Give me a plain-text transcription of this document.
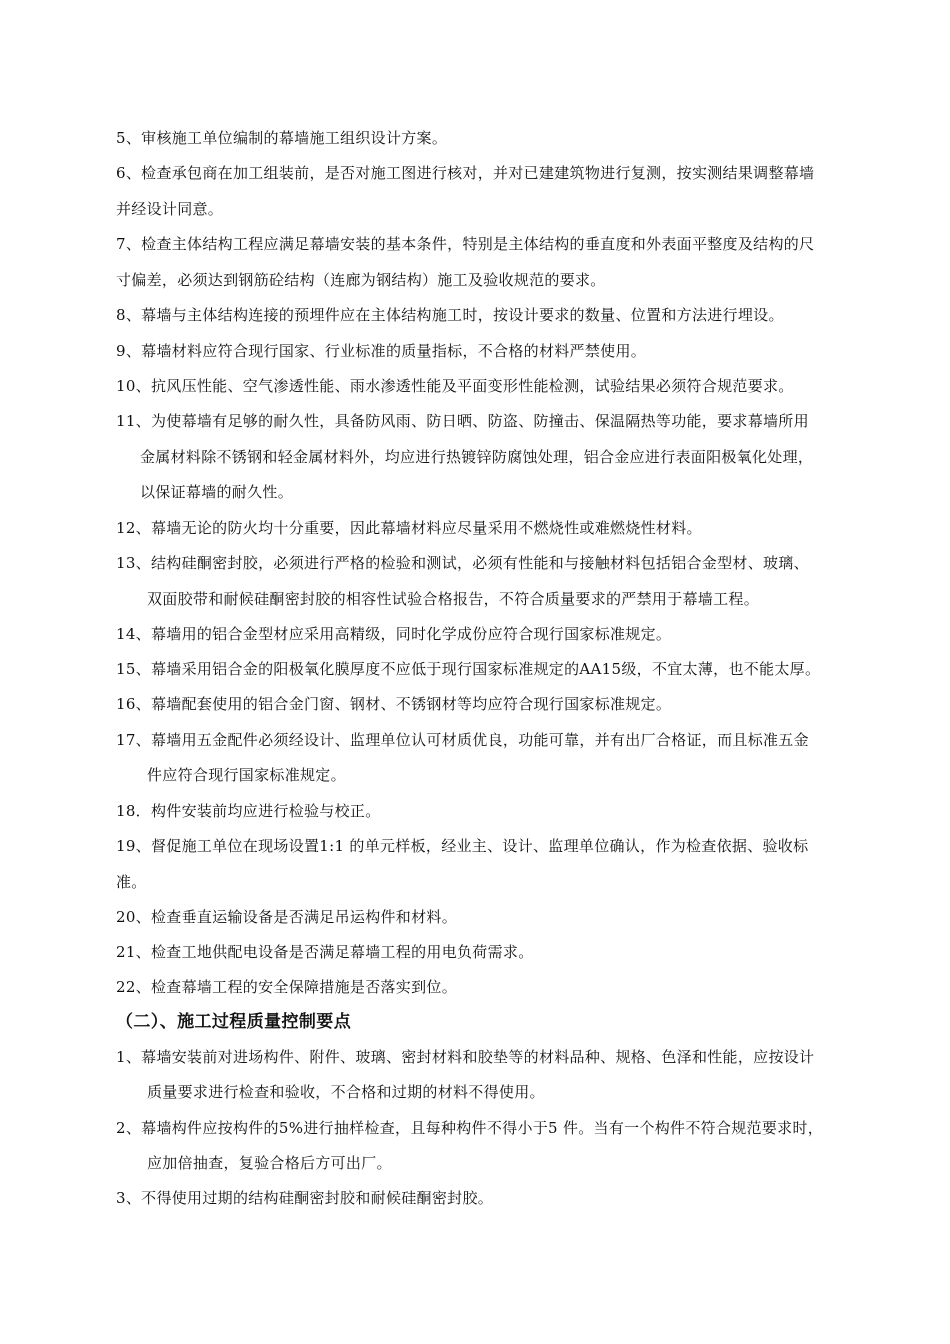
5、审核施工单位编制的幕墙施工组织设计方案。
6、检查承包商在加工组装前，是否对施工图进行核对，并对已建建筑物进行复测，按实测结果调整幕墙
并经设计同意。
7、检查主体结构工程应满足幕墙安装的基本条件，特别是主体结构的垂直度和外表面平整度及结构的尺
寸偏差，必须达到钢筋砼结构（连廊为钢结构）施工及验收规范的要求。
8、幕墙与主体结构连接的预埋件应在主体结构施工时，按设计要求的数量、位置和方法进行埋设。
9、幕墙材料应符合现行国家、行业标准的质量指标，不合格的材料严禁使用。
10、抗风压性能、空气渗透性能、雨水渗透性能及平面变形性能检测，试验结果必须符合规范要求。
11、为使幕墙有足够的耐久性，具备防风雨、防日晒、防盗、防撞击、保温隔热等功能，要求幕墙所用
金属材料除不锈钢和轻金属材料外，均应进行热镀锌防腐蚀处理，铝合金应进行表面阳极氧化处理，
以保证幕墙的耐久性。
12、幕墙无论的防火均十分重要，因此幕墙材料应尽量采用不燃烧性或难燃烧性材料。
13、结构硅酮密封胶，必须进行严格的检验和测试，必须有性能和与接触材料包括铝合金型材、玻璃、
双面胶带和耐候硅酮密封胶的相容性试验合格报告，不符合质量要求的严禁用于幕墙工程。
14、幕墙用的铝合金型材应采用高精级，同时化学成份应符合现行国家标准规定。
15、幕墙采用铝合金的阳极氧化膜厚度不应低于现行国家标准规定的AA15级，不宜太薄，也不能太厚。
16、幕墙配套使用的铝合金门窗、钢材、不锈钢材等均应符合现行国家标准规定。
17、幕墙用五金配件必须经设计、监理单位认可材质优良，功能可靠，并有出厂合格证，而且标准五金
件应符合现行国家标准规定。
18．构件安装前均应进行检验与校正。
19、督促施工单位在现场设置1:1 的单元样板，经业主、设计、监理单位确认，作为检查依据、验收标
准。
20、检查垂直运输设备是否满足吊运构件和材料。
21、检查工地供配电设备是否满足幕墙工程的用电负荷需求。
22、检查幕墙工程的安全保障措施是否落实到位。
（二）、施工过程质量控制要点
1、幕墙安装前对进场构件、附件、玻璃、密封材料和胶垫等的材料品种、规格、色泽和性能，应按设计
质量要求进行检查和验收，不合格和过期的材料不得使用。
2、幕墙构件应按构件的5%进行抽样检查，且每种构件不得小于5 件。当有一个构件不符合规范要求时，
应加倍抽查，复验合格后方可出厂。
3、不得使用过期的结构硅酮密封胶和耐候硅酮密封胶。
